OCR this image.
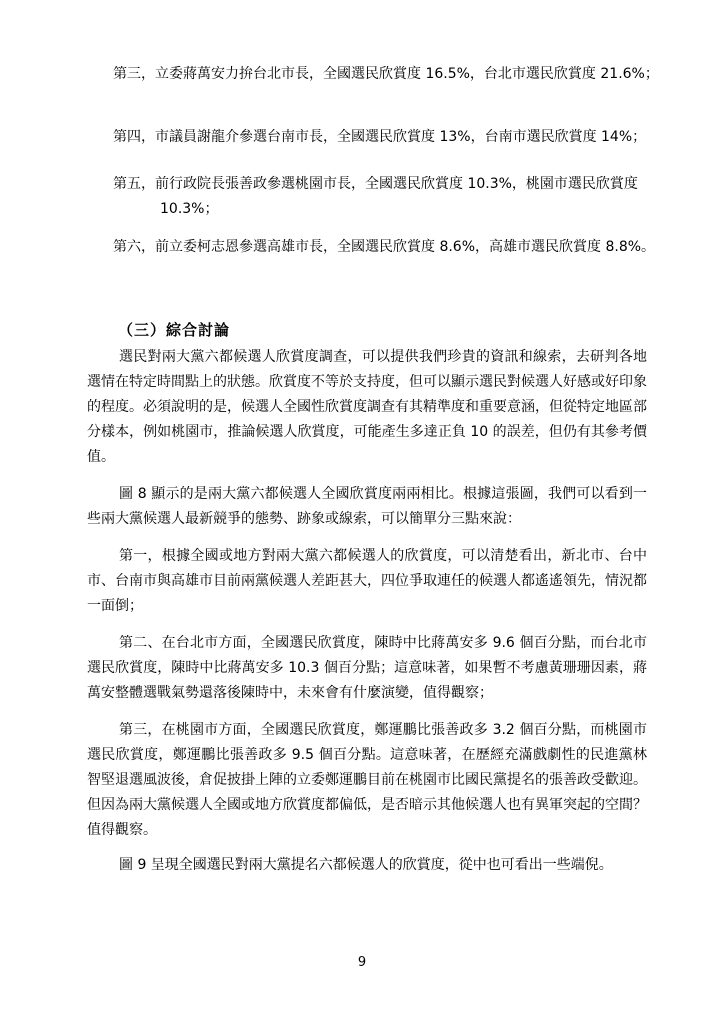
第三，立委蔣萬安力拚台北市長，全國選民欣賞度 16.5%，台北市選民欣賞度 21.6%；
第四，市議員謝龍介參選台南市長，全國選民欣賞度 13%，台南市選民欣賞度 14%；
第五，前行政院長張善政參選桃園市長，全國選民欣賞度 10.3%，桃園市選民欣賞度 10.3%；
第六，前立委柯志恩參選高雄市長，全國選民欣賞度 8.6%，高雄市選民欣賞度 8.8%。
（三）綜合討論
選民對兩大黨六都候選人欣賞度調查，可以提供我們珍貴的資訊和線索，去研判各地選情在特定時間點上的狀態。欣賞度不等於支持度，但可以顯示選民對候選人好感或好印象的程度。必須說明的是，候選人全國性欣賞度調查有其精準度和重要意涵，但從特定地區部分樣本，例如桃園市，推論候選人欣賞度，可能產生多達正負 10 的誤差，但仍有其參考價值。
圖 8 顯示的是兩大黨六都候選人全國欣賞度兩兩相比。根據這張圖，我們可以看到一些兩大黨候選人最新競爭的態勢、跡象或線索，可以簡單分三點來說：
第一，根據全國或地方對兩大黨六都候選人的欣賞度，可以清楚看出，新北市、台中市、台南市與高雄市目前兩黨候選人差距甚大，四位爭取連任的候選人都遙遙領先，情況都一面倒；
第二、在台北市方面，全國選民欣賞度，陳時中比蔣萬安多 9.6 個百分點，而台北市選民欣賞度，陳時中比蔣萬安多 10.3 個百分點；這意味著，如果暫不考慮黃珊珊因素，蔣萬安整體選戰氣勢還落後陳時中，未來會有什麼演變，值得觀察；
第三，在桃園市方面，全國選民欣賞度，鄭運鵬比張善政多 3.2 個百分點，而桃園市選民欣賞度，鄭運鵬比張善政多 9.5 個百分點。這意味著，在歷經充滿戲劇性的民進黨林智堅退選風波後，倉促披掛上陣的立委鄭運鵬目前在桃園市比國民黨提名的張善政受歡迎。但因為兩大黨候選人全國或地方欣賞度都偏低，是否暗示其他候選人也有異軍突起的空間？值得觀察。
圖 9 呈現全國選民對兩大黨提名六都候選人的欣賞度，從中也可看出一些端倪。
9
